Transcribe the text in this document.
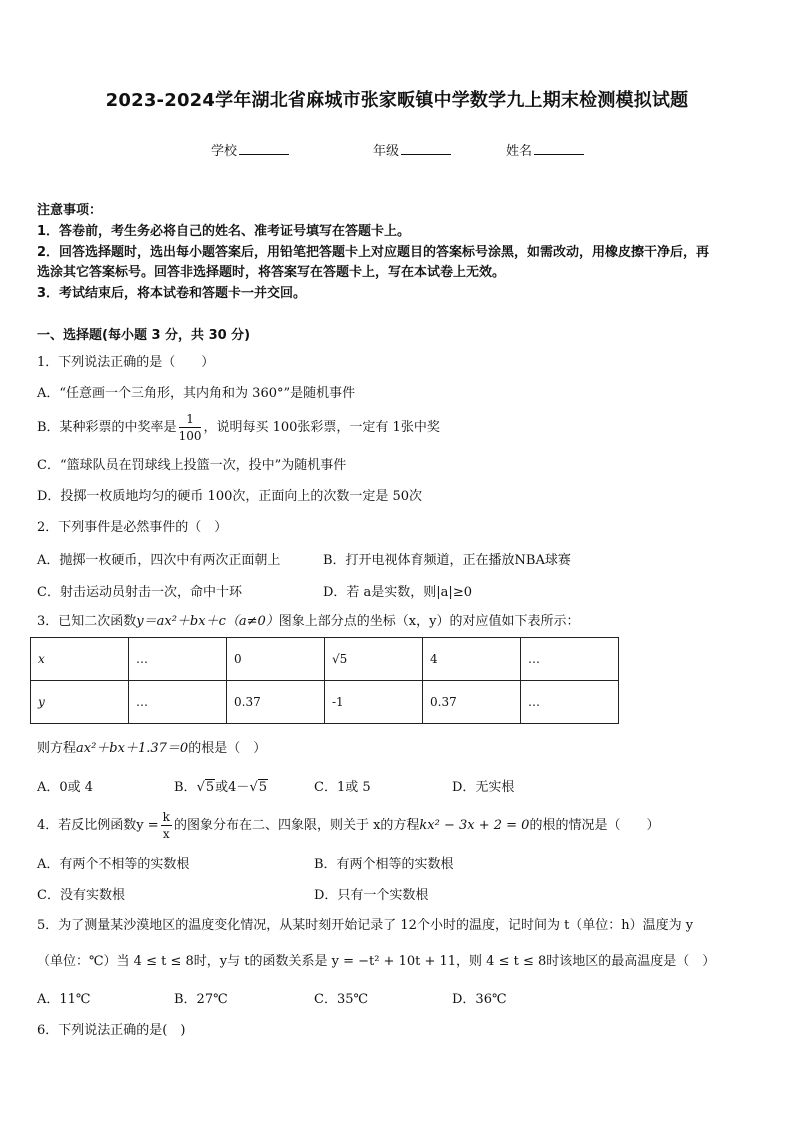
2023-2024学年湖北省麻城市张家畈镇中学数学九上期末检测模拟试题
学校	年级	姓名
注意事项：
1．答卷前，考生务必将自己的姓名、准考证号填写在答题卡上。
2．回答选择题时，选出每小题答案后，用铅笔把答题卡上对应题目的答案标号涂黑，如需改动，用橡皮擦干净后，再
选涂其它答案标号。回答非选择题时，将答案写在答题卡上，写在本试卷上无效。
3．考试结束后，将本试卷和答题卡一并交回。
一、选择题(每小题 3 分，共 30 分)
1．下列说法正确的是（　　）
A．“任意画一个三角形，其内角和为 360°”是随机事件
B．某种彩票的中奖率是 $\frac{1}{100}$ ，说明每买 100张彩票，一定有 1张中奖
C．“篮球队员在罚球线上投篮一次，投中”为随机事件
D．投掷一枚质地均匀的硬币 100次，正面向上的次数一定是 50次
2．下列事件是必然事件的（　）
A．抛掷一枚硬币，四次中有两次正面朝上	B．打开电视体育频道，正在播放NBA球赛
C．射击运动员射击一次，命中十环	D．若 a是实数，则|a|≥0
3．已知二次函数y＝ax²＋bx＋c（a≠0）图象上部分点的坐标（x，y）的对应值如下表所示：
x	…	0	√5	4	…
y	…	0.37	-1	0.37	…
则方程ax²＋bx＋1.37＝0的根是（　）
A．0或 4	B．√5或4－√5	C．1或 5	D．无实根
4．若反比例函数$y = \frac{k}{x}$ 的图象分布在二、四象限，则关于 x的方程kx² − 3x + 2 = 0的根的情况是（　　）
A．有两个不相等的实数根	B．有两个相等的实数根
C．没有实数根	D．只有一个实数根
5．为了测量某沙漠地区的温度变化情况，从某时刻开始记录了 12个小时的温度，记时间为 t（单位：h）温度为 y
（单位：℃）当 4 ≤ t ≤ 8时，y与 t的函数关系是 y = −t² + 10t + 11，则 4 ≤ t ≤ 8时该地区的最高温度是（　）
A．11℃	B．27℃	C．35℃	D．36℃
6．下列说法正确的是(　)
